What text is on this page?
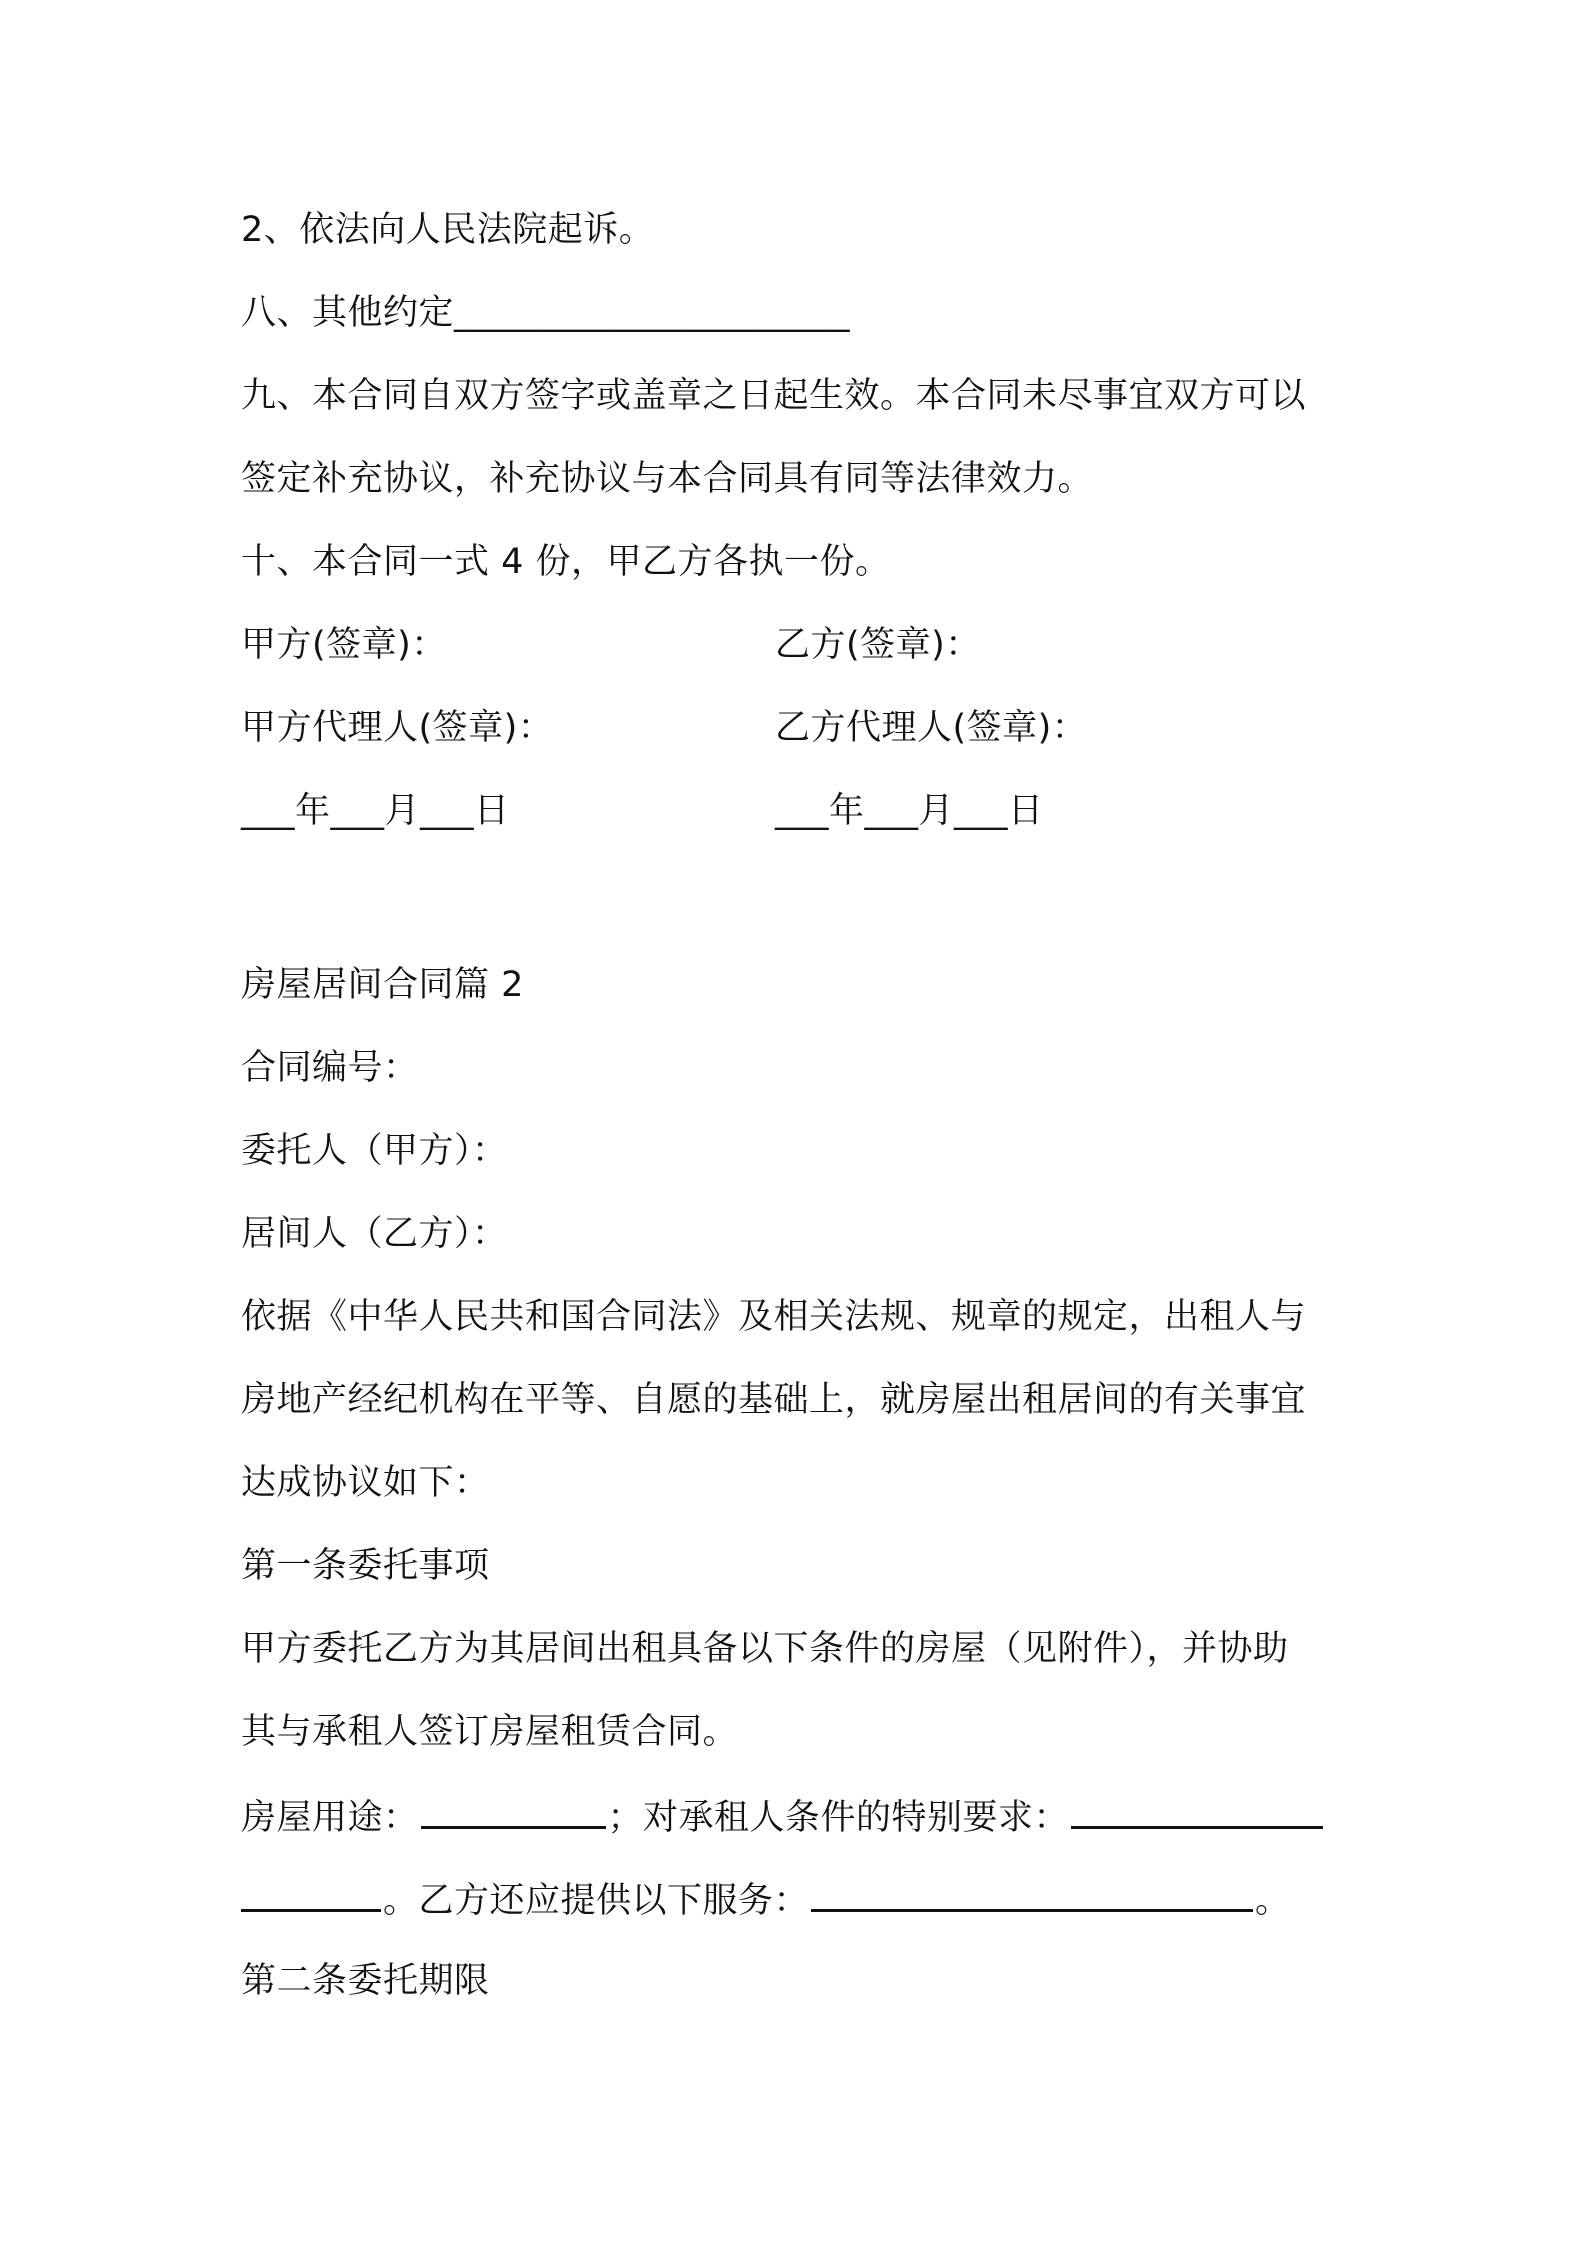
2、依法向人民法院起诉。
八、其他约定______________________
九、本合同自双方签字或盖章之日起生效。本合同未尽事宜双方可以
签定补充协议，补充协议与本合同具有同等法律效力。
十、本合同一式 4 份，甲乙方各执一份。
甲方(签章)：	乙方(签章)：
甲方代理人(签章)：	乙方代理人(签章)：
___年___月___日	___年___月___日
房屋居间合同篇 2
合同编号：
委托人（甲方）：
居间人（乙方）：
依据《中华人民共和国合同法》及相关法规、规章的规定，出租人与
房地产经纪机构在平等、自愿的基础上，就房屋出租居间的有关事宜
达成协议如下：
第一条委托事项
甲方委托乙方为其居间出租具备以下条件的房屋（见附件），并协助
其与承租人签订房屋租赁合同。
房屋用途：	；对承租人条件的特别要求：
。乙方还应提供以下服务：	。
第二条委托期限
